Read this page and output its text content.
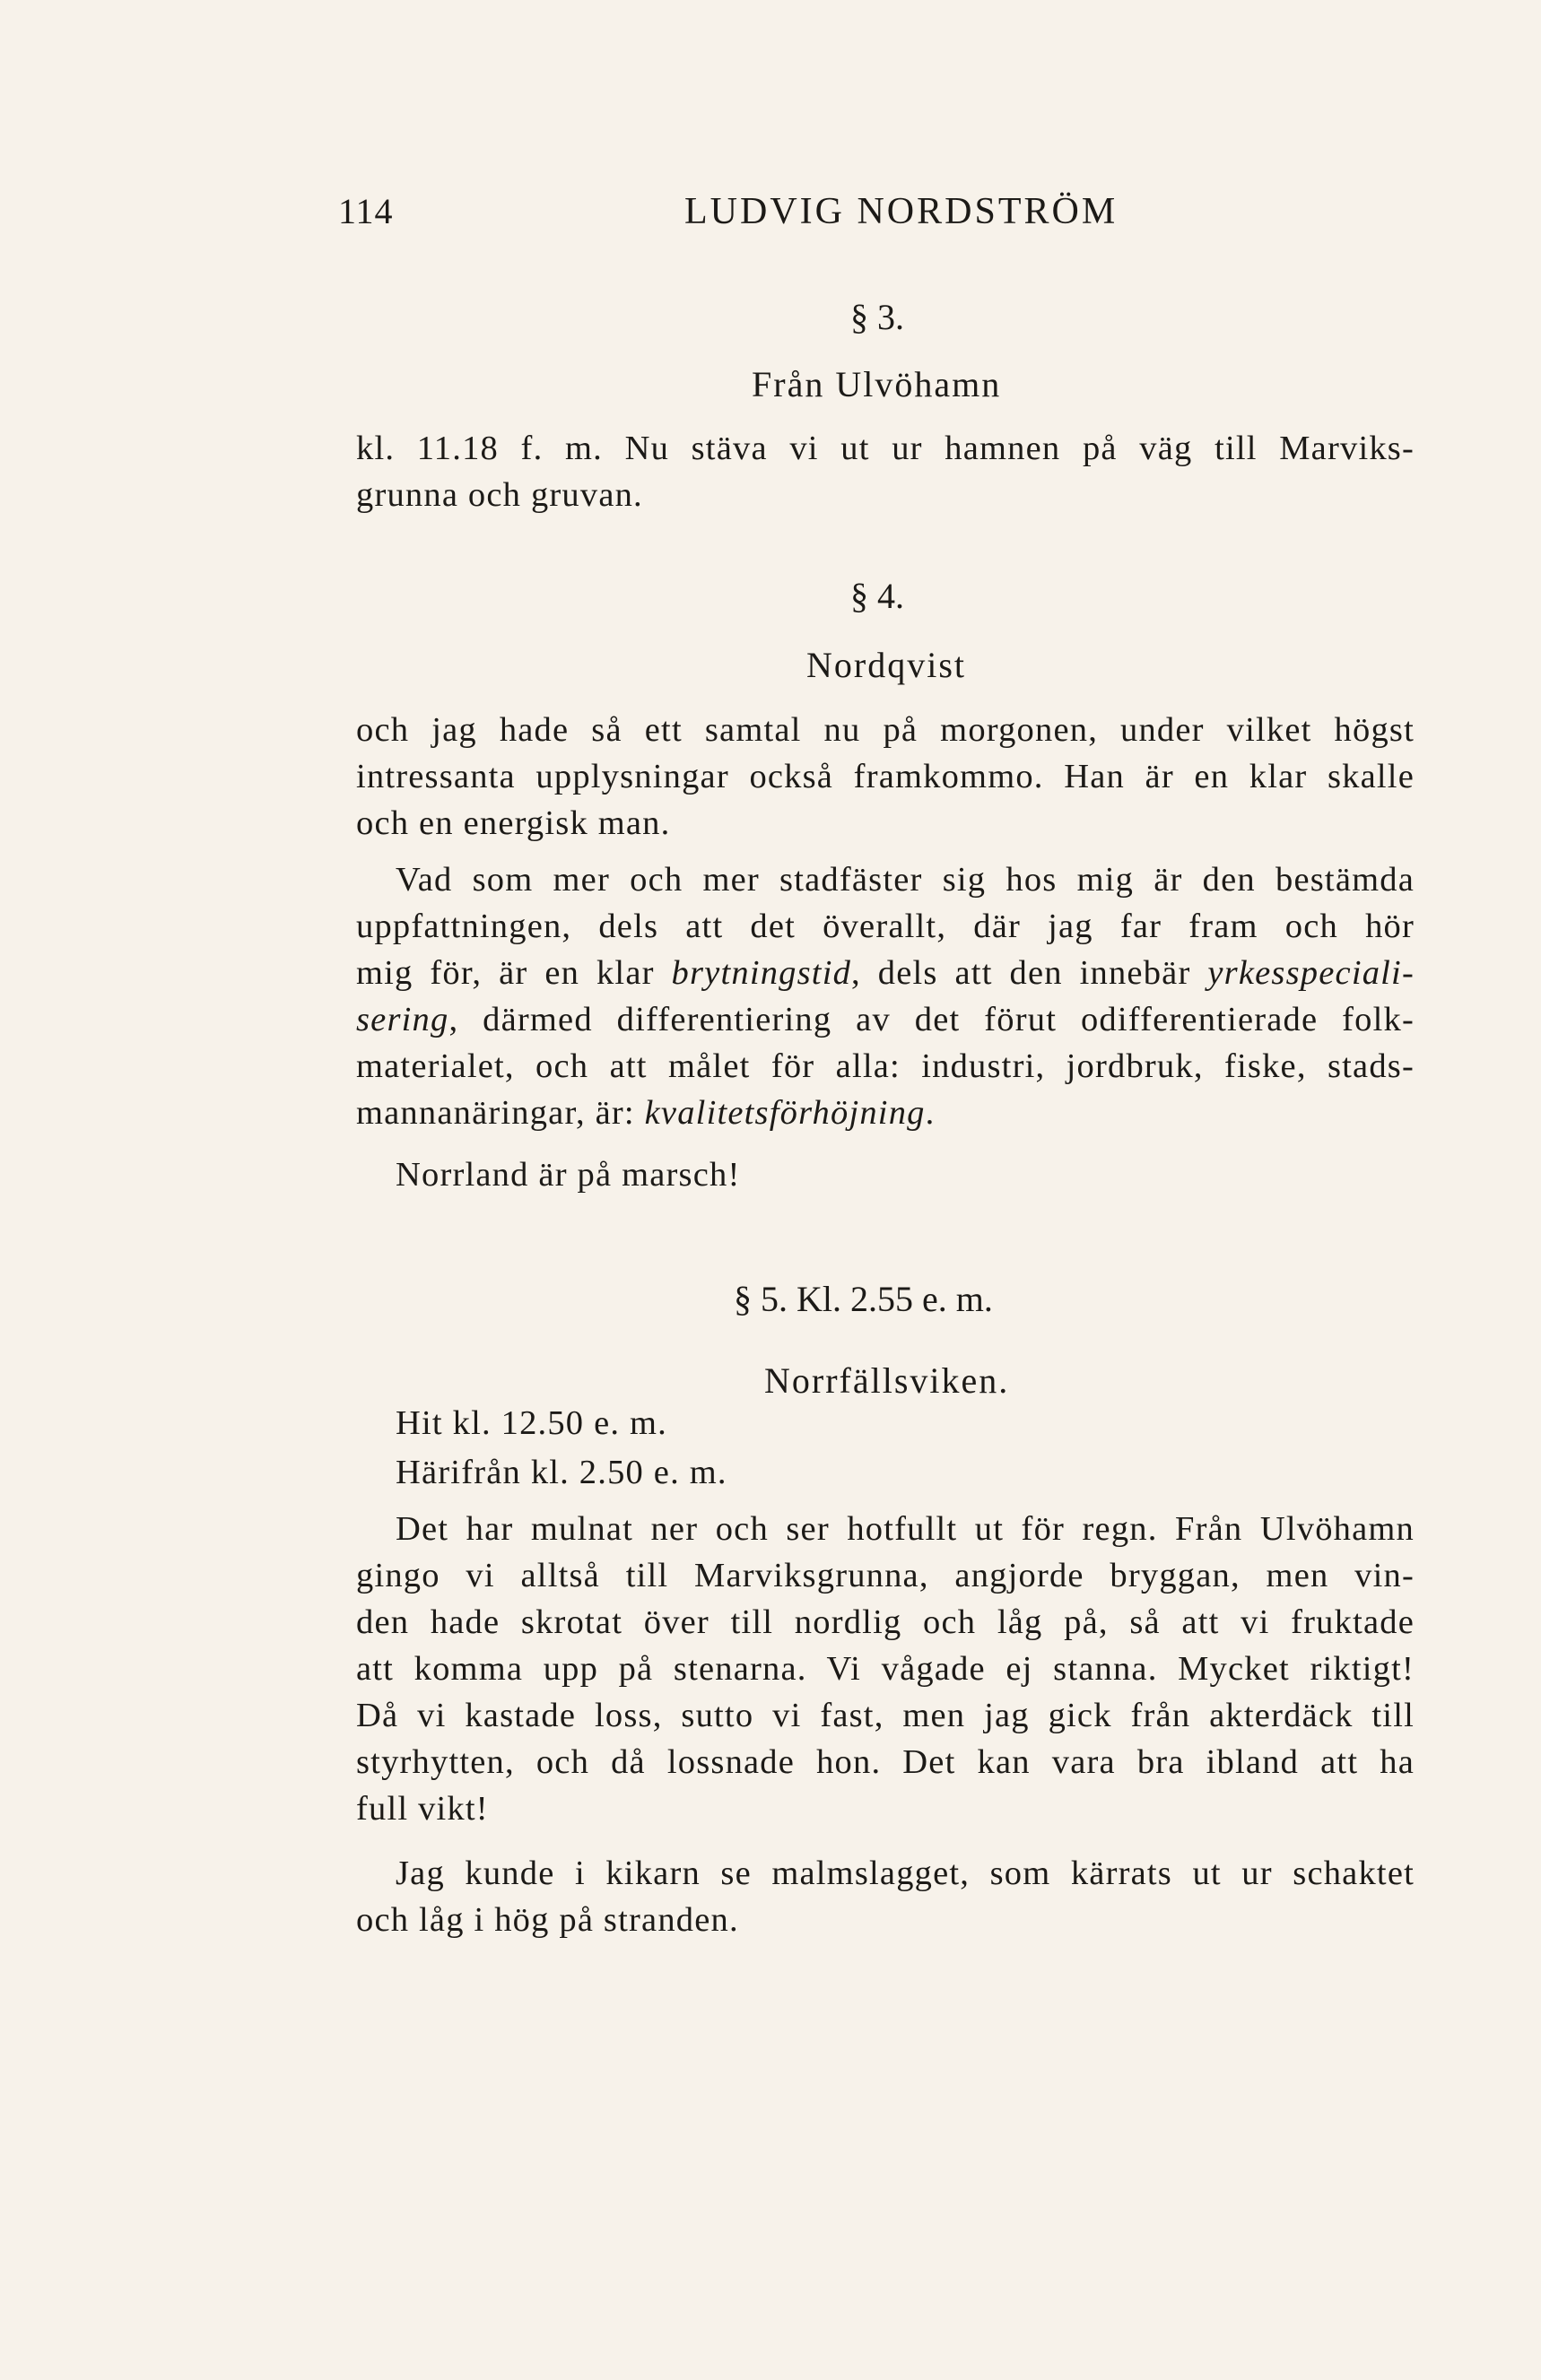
114	LUDVIG NORDSTRÖM
§ 3.
Från Ulvöhamn
kl. 11.18 f. m. Nu stäva vi ut ur hamnen på väg till Marviks-
grunna och gruvan.
§ 4.
Nordqvist
och jag hade så ett samtal nu på morgonen, under vilket högst
intressanta upplysningar också framkommo. Han är en klar skalle
och en energisk man.
Vad som mer och mer stadfäster sig hos mig är den bestämda
uppfattningen, dels att det överallt, där jag far fram och hör
mig för, är en klar brytningstid, dels att den innebär yrkesspeciali-
sering, därmed differentiering av det förut odifferentierade folk-
materialet, och att målet för alla: industri, jordbruk, fiske, stads-
mannanäringar, är: kvalitetsförhöjning.
Norrland är på marsch!
§ 5. Kl. 2.55 e. m.
Norrfällsviken.
Hit kl. 12.50 e. m.
Härifrån kl. 2.50 e. m.
Det har mulnat ner och ser hotfullt ut för regn. Från Ulvöhamn
gingo vi alltså till Marviksgrunna, angjorde bryggan, men vin-
den hade skrotat över till nordlig och låg på, så att vi fruktade
att komma upp på stenarna. Vi vågade ej stanna. Mycket riktigt!
Då vi kastade loss, sutto vi fast, men jag gick från akterdäck till
styrhytten, och då lossnade hon. Det kan vara bra ibland att ha
full vikt!
Jag kunde i kikarn se malmslagget, som kärrats ut ur schaktet
och låg i hög på stranden.
